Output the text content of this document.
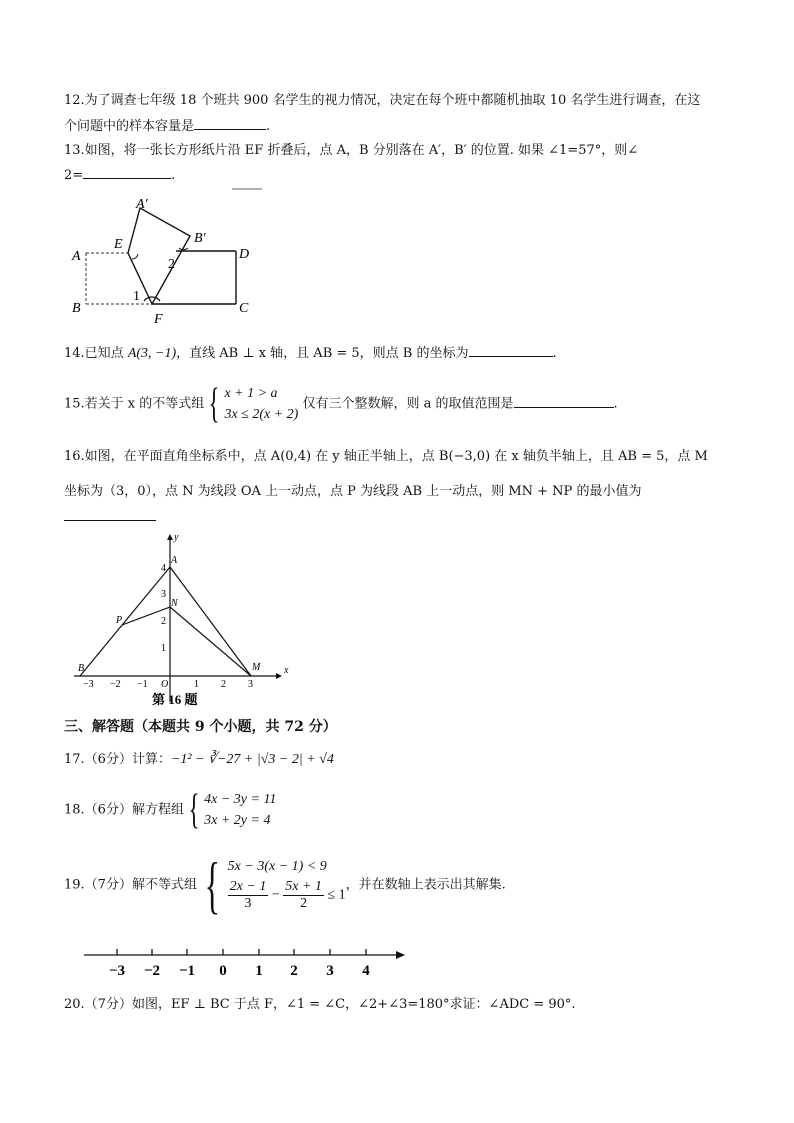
12.为了调查七年级 18 个班共 900 名学生的视力情况，决定在每个班中都随机抽取 10 名学生进行调查，在这
个问题中的样本容量是	.
13.如图，将一张长方形纸片沿 EF 折叠后，点 A，B 分别落在 A′，B′ 的位置. 如果 ∠1=57°，则∠
2=	.
A′
B′
E
A	D
2
1
B
F
C
14.已知点 A(3, −1)，直线 AB ⊥ x 轴，且 AB = 5，则点 B 的坐标为	.
15.若关于 x 的不等式组 { x + 1 > a
3x ≤ 2(x + 2)
仅有三个整数解，则 a 的取值范围是	.
16.如图，在平面直角坐标系中，点 A(0,4) 在 y 轴正半轴上，点 B(−3,0) 在 x 轴负半轴上，且 AB = 5，点 M
坐标为（3，0），点 N 为线段 OA 上一动点，点 P 为线段 AB 上一动点，则 MN + NP 的最小值为
x
y
A
B	M
N
P
O
−3 −2 −1	1 2 3
4
3
2
1
第 16 题
三、解答题（本题共 9 个小题，共 72 分）
17.（6分）计算：−1² − ∛−27 + |√3 − 2| + √4
18.（6分）解方程组 { 4x − 3y = 11
3x + 2y = 4
19.（7分）解不等式组 { 5x − 3(x − 1) < 9
$\frac{2x - 1}{3} - \frac{5x + 1}{2} \le 1$
，并在数轴上表示出其解集.
−3 −2 −1 0 1 2 3 4
20.（7分）如图，EF ⊥ BC 于点 F，∠1 = ∠C，∠2+∠3=180°求证：∠ADC = 90°.
